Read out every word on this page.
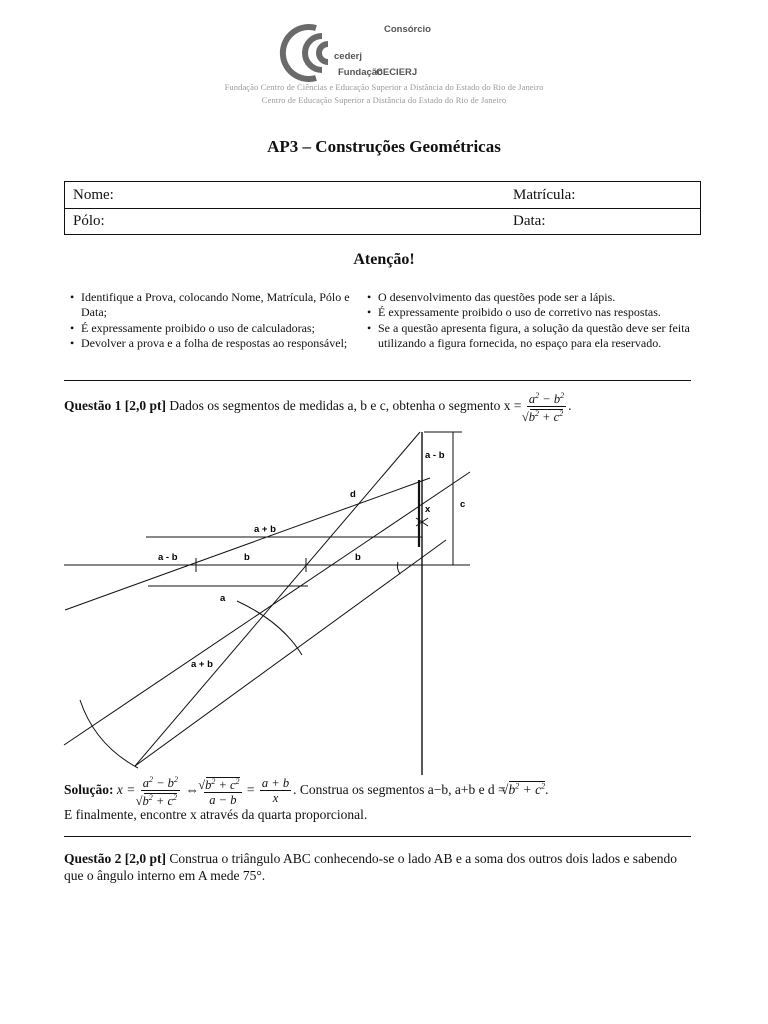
Consórcio
cederj
Fundação
CECIERJ
Fundação Centro de Ciências e Educação Superior a Distância do Estado do Rio de Janeiro
Centro de Educação Superior a Distância do Estado do Rio de Janeiro
AP3 – Construções Geométricas
Nome:	Matrícula:
Pólo:	Data:
Atenção!
• Identifique a Prova, colocando Nome, Matrícula, Pólo e Data;
• É expressamente proibido o uso de calculadoras;
• Devolver a prova e a folha de respostas ao responsável;
• O desenvolvimento das questões pode ser a lápis.
• É expressamente proibido o uso de corretivo nas respostas.
• Se a questão apresenta figura, a solução da questão deve ser feita utilizando a figura fornecida, no espaço para ela reservado.
Questão 1 [2,0 pt] Dados os segmentos de medidas a, b e c, obtenha o segmento $x = a^2 - b^2$
√ $b^2 + c^2$ .
a - b
d
x	c
a + b
a - b	b	b
a
a + b
Solução: $x = a^2 - b^2$
√ $b^2 + c^2$ ⇔ √ $\frac{b^2 + c^2}{a - b} = \frac{a + b}{x}$ . Construa os segmentos a−b, a+b e d = √ $b^2 + c^2$.
E finalmente, encontre x através da quarta proporcional.
Questão 2 [2,0 pt] Construa o triângulo ABC conhecendo-se o lado AB e a soma dos outros dois lados e sabendo que o ângulo interno em A mede 75°.
